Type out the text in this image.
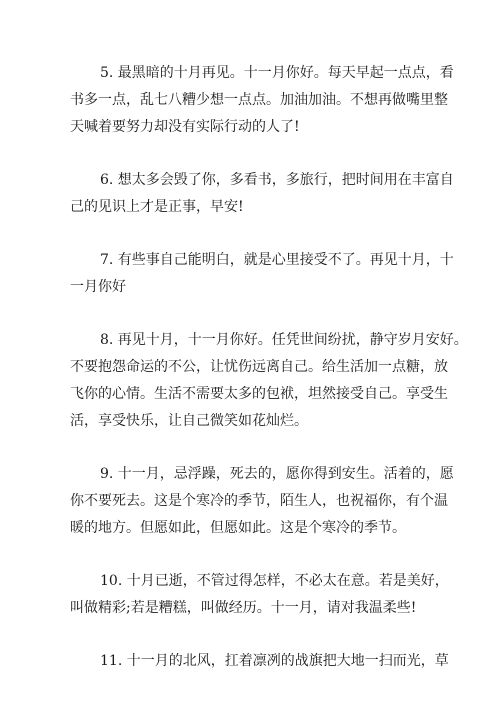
5. 最黑暗的十月再见。十一月你好。每天早起一点点，看
书多一点，乱七八糟少想一点点。加油加油。不想再做嘴里整
天喊着要努力却没有实际行动的人了!
6. 想太多会毁了你，多看书，多旅行，把时间用在丰富自
己的见识上才是正事，早安!
7. 有些事自己能明白，就是心里接受不了。再见十月，十
一月你好
8. 再见十月，十一月你好。任凭世间纷扰，静守岁月安好。
不要抱怨命运的不公，让忧伤远离自己。给生活加一点糖，放
飞你的心情。生活不需要太多的包袱，坦然接受自己。享受生
活，享受快乐，让自己微笑如花灿烂。
9. 十一月，忌浮躁，死去的，愿你得到安生。活着的，愿
你不要死去。这是个寒冷的季节，陌生人，也祝福你，有个温
暖的地方。但愿如此，但愿如此。这是个寒冷的季节。
10. 十月已逝，不管过得怎样，不必太在意。若是美好，
叫做精彩;若是糟糕，叫做经历。十一月，请对我温柔些!
11. 十一月的北风，扛着凛冽的战旗把大地一扫而光，草
